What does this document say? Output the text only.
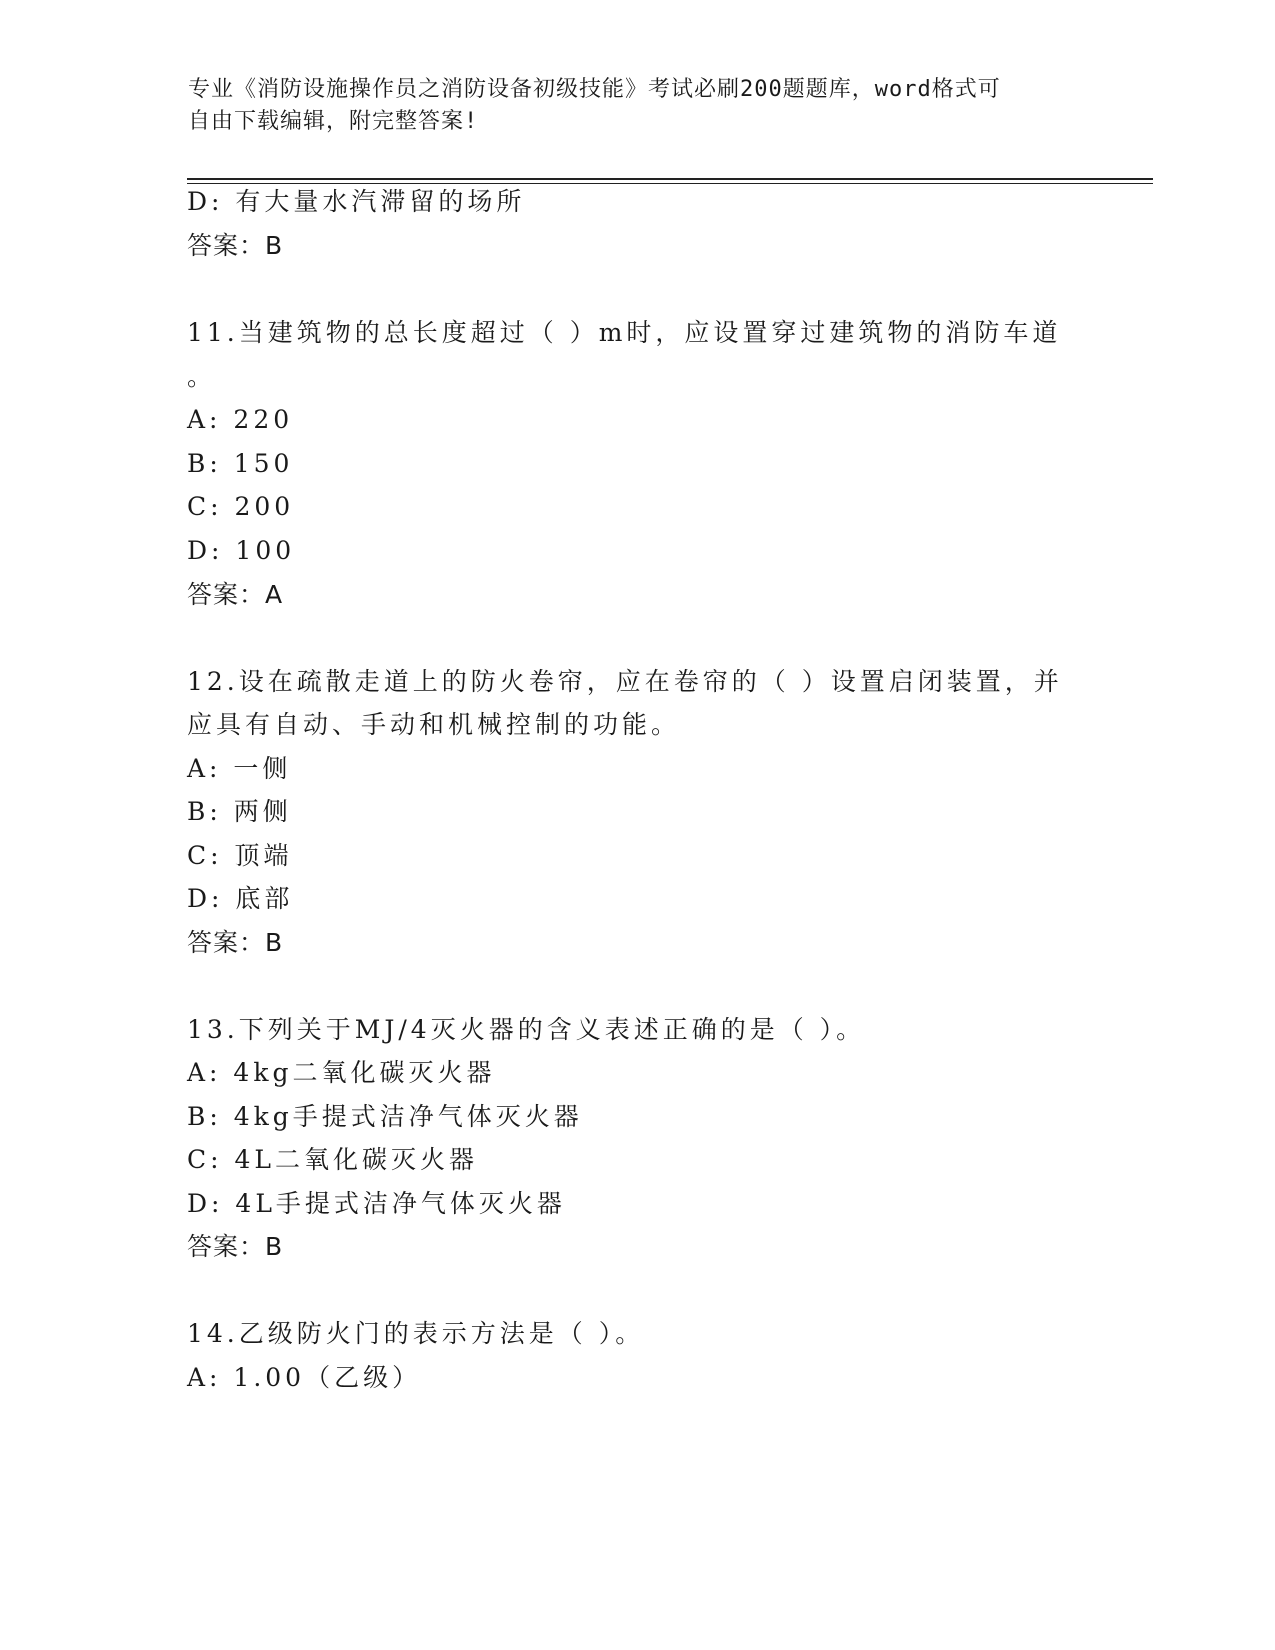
专业《消防设施操作员之消防设备初级技能》考试必刷200题题库，word格式可
自由下载编辑，附完整答案!
D: 有大量水汽滞留的场所
答案：B
11.当建筑物的总长度超过（ ）m时，应设置穿过建筑物的消防车道
。
A: 220
B: 150
C: 200
D: 100
答案：A
12.设在疏散走道上的防火卷帘，应在卷帘的（ ）设置启闭装置，并
应具有自动、手动和机械控制的功能。
A: 一侧
B: 两侧
C: 顶端
D: 底部
答案：B
13.下列关于MJ/4灭火器的含义表述正确的是（ ）。
A: 4kg二氧化碳灭火器
B: 4kg手提式洁净气体灭火器
C: 4L二氧化碳灭火器
D: 4L手提式洁净气体灭火器
答案：B
14.乙级防火门的表示方法是（ ）。
A: 1.00（乙级）
